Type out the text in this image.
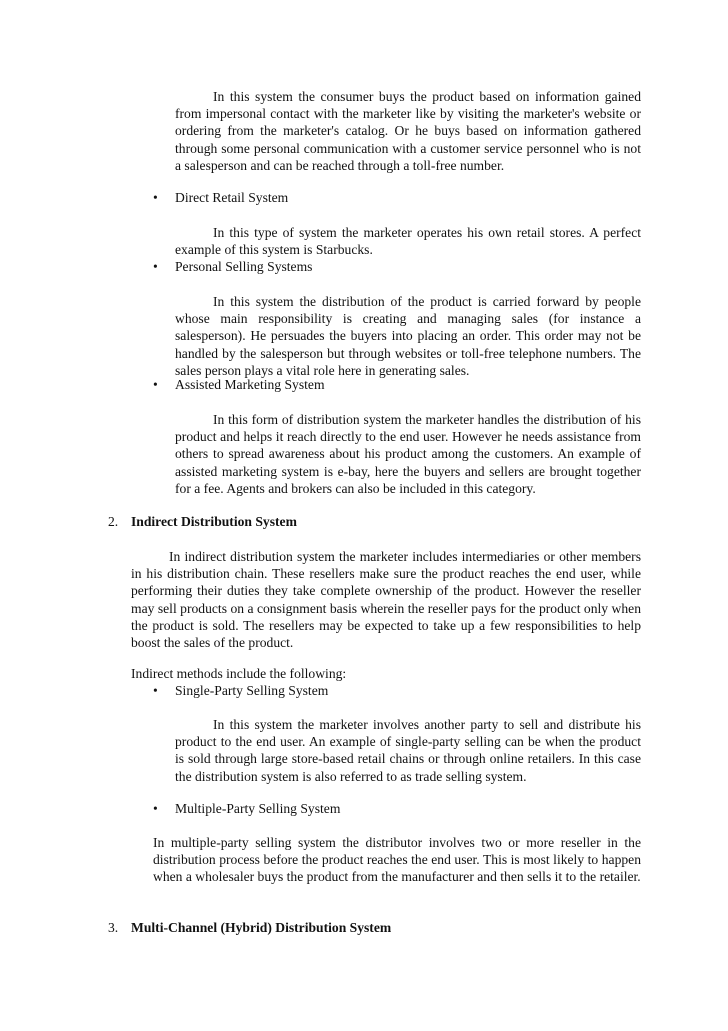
In this system the consumer buys the product based on information gained from impersonal contact with the marketer like by visiting the marketer's website or ordering from the marketer's catalog. Or he buys based on information gathered through some personal communication with a customer service personnel who is not a salesperson and can be reached through a toll-free number.

• Direct Retail System

In this type of system the marketer operates his own retail stores. A perfect example of this system is Starbucks.

• Personal Selling Systems

In this system the distribution of the product is carried forward by people whose main responsibility is creating and managing sales (for instance a salesperson). He persuades the buyers into placing an order. This order may not be handled by the salesperson but through websites or toll-free telephone numbers. The sales person plays a vital role here in generating sales.

• Assisted Marketing System

In this form of distribution system the marketer handles the distribution of his product and helps it reach directly to the end user. However he needs assistance from others to spread awareness about his product among the customers. An example of assisted marketing system is e-bay, here the buyers and sellers are brought together for a fee. Agents and brokers can also be included in this category.

2. Indirect Distribution System

In indirect distribution system the marketer includes intermediaries or other members in his distribution chain. These resellers make sure the product reaches the end user, while performing their duties they take complete ownership of the product. However the reseller may sell products on a consignment basis wherein the reseller pays for the product only when the product is sold. The resellers may be expected to take up a few responsibilities to help boost the sales of the product.

Indirect methods include the following:
• Single-Party Selling System

In this system the marketer involves another party to sell and distribute his product to the end user. An example of single-party selling can be when the product is sold through large store-based retail chains or through online retailers. In this case the distribution system is also referred to as trade selling system.

• Multiple-Party Selling System

In multiple-party selling system the distributor involves two or more reseller in the distribution process before the product reaches the end user. This is most likely to happen when a wholesaler buys the product from the manufacturer and then sells it to the retailer.

3. Multi-Channel (Hybrid) Distribution System
